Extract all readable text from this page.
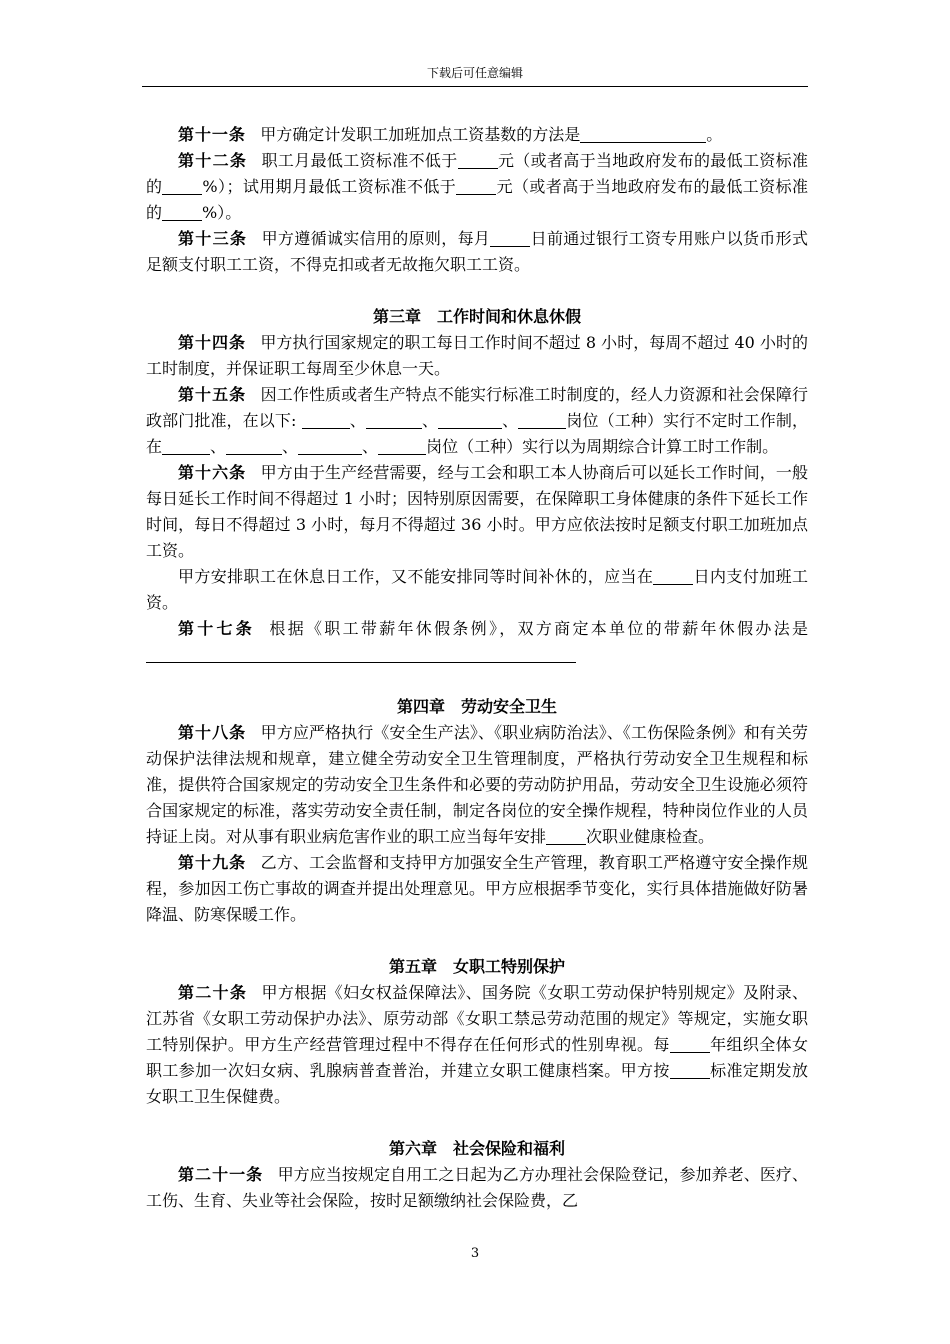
下载后可任意编辑

第十一条 甲方确定计发职工加班加点工资基数的方法是	。

第十二条 职工月最低工资标准不低于	元（或者高于当地政府发布的最低工资标准的	%）；试用期月最低工资标准不低于	元（或者高于当地政府发布的最低工资标准的	%）。

第十三条 甲方遵循诚实信用的原则，每月	日前通过银行工资专用账户以货币形式足额支付职工工资，不得克扣或者无故拖欠职工工资。

第三章 工作时间和休息休假

第十四条 甲方执行国家规定的职工每日工作时间不超过 8 小时，每周不超过 40 小时的工时制度，并保证职工每周至少休息一天。

第十五条 因工作性质或者生产特点不能实行标准工时制度的，经人力资源和社会保障行政部门批准，在以下:	、	、	、	岗位（工种）实行不定时工作制，在	、	、	、	岗位（工种）实行以为周期综合计算工时工作制。

第十六条 甲方由于生产经营需要，经与工会和职工本人协商后可以延长工作时间，一般每日延长工作时间不得超过 1 小时；因特别原因需要，在保障职工身体健康的条件下延长工作时间，每日不得超过 3 小时，每月不得超过 36 小时。甲方应依法按时足额支付职工加班加点工资。

甲方安排职工在休息日工作，又不能安排同等时间补休的，应当在	日内支付加班工资。

第十七条 根据《职工带薪年休假条例》，双方商定本单位的带薪年休假办法是

第四章 劳动安全卫生

第十八条 甲方应严格执行《安全生产法》、《职业病防治法》、《工伤保险条例》和有关劳动保护法律法规和规章，建立健全劳动安全卫生管理制度，严格执行劳动安全卫生规程和标准，提供符合国家规定的劳动安全卫生条件和必要的劳动防护用品，劳动安全卫生设施必须符合国家规定的标准，落实劳动安全责任制，制定各岗位的安全操作规程，特种岗位作业的人员持证上岗。对从事有职业病危害作业的职工应当每年安排	次职业健康检查。

第十九条 乙方、工会监督和支持甲方加强安全生产管理，教育职工严格遵守安全操作规程，参加因工伤亡事故的调查并提出处理意见。甲方应根据季节变化，实行具体措施做好防暑降温、防寒保暖工作。

第五章 女职工特别保护

第二十条 甲方根据《妇女权益保障法》、国务院《女职工劳动保护特别规定》及附录、江苏省《女职工劳动保护办法》、原劳动部《女职工禁忌劳动范围的规定》等规定，实施女职工特别保护。甲方生产经营管理过程中不得存在任何形式的性别卑视。每	年组织全体女职工参加一次妇女病、乳腺病普查普治，并建立女职工健康档案。甲方按	标准定期发放女职工卫生保健费。

第六章 社会保险和福利

第二十一条 甲方应当按规定自用工之日起为乙方办理社会保险登记，参加养老、医疗、工伤、生育、失业等社会保险，按时足额缴纳社会保险费，乙

3
